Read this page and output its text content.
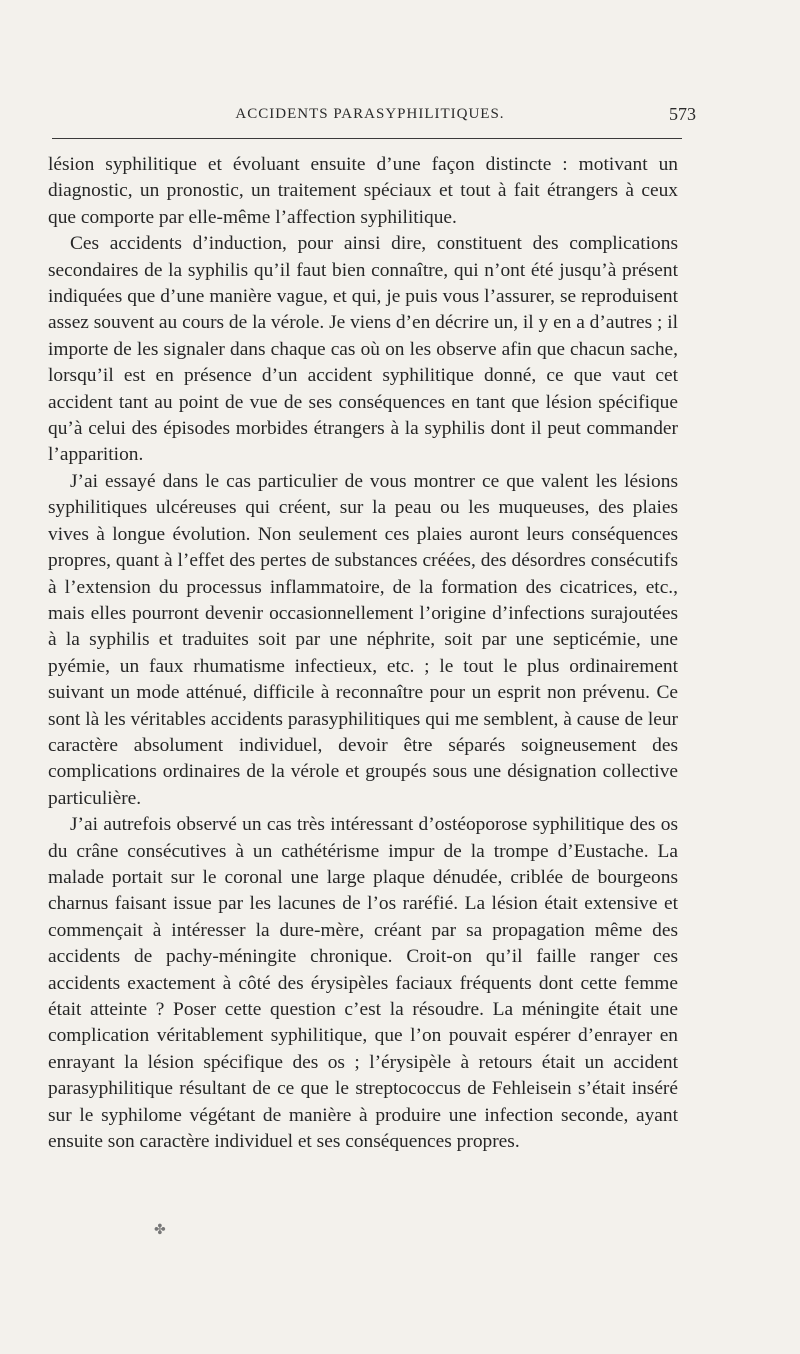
ACCIDENTS PARASYPHILITIQUES.	573

lésion syphilitique et évoluant ensuite d’une façon distincte : motivant un diagnostic, un pronostic, un traitement spéciaux et tout à fait étrangers à ceux que comporte par elle-même l’affection syphilitique.

Ces accidents d’induction, pour ainsi dire, constituent des complications secondaires de la syphilis qu’il faut bien connaître, qui n’ont été jusqu’à présent indiquées que d’une manière vague, et qui, je puis vous l’assurer, se reproduisent assez souvent au cours de la vérole. Je viens d’en décrire un, il y en a d’autres ; il importe de les signaler dans chaque cas où on les observe afin que chacun sache, lorsqu’il est en présence d’un accident syphilitique donné, ce que vaut cet accident tant au point de vue de ses conséquences en tant que lésion spécifique qu’à celui des épisodes morbides étrangers à la syphilis dont il peut commander l’apparition.

J’ai essayé dans le cas particulier de vous montrer ce que valent les lésions syphilitiques ulcéreuses qui créent, sur la peau ou les muqueuses, des plaies vives à longue évolution. Non seulement ces plaies auront leurs conséquences propres, quant à l’effet des pertes de substances créées, des désordres consécutifs à l’extension du processus inflammatoire, de la formation des cicatrices, etc., mais elles pourront devenir occasionnellement l’origine d’infections surajoutées à la syphilis et traduites soit par une néphrite, soit par une septicémie, une pyémie, un faux rhumatisme infectieux, etc. ; le tout le plus ordinairement suivant un mode atténué, difficile à reconnaître pour un esprit non prévenu. Ce sont là les véritables accidents parasyphilitiques qui me semblent, à cause de leur caractère absolument individuel, devoir être séparés soigneusement des complications ordinaires de la vérole et groupés sous une désignation collective particulière.

J’ai autrefois observé un cas très intéressant d’ostéoporose syphilitique des os du crâne consécutives à un cathétérisme impur de la trompe d’Eustache. La malade portait sur le coronal une large plaque dénudée, criblée de bourgeons charnus faisant issue par les lacunes de l’os raréfié. La lésion était extensive et commençait à intéresser la dure-mère, créant par sa propagation même des accidents de pachy-méningite chronique. Croit-on qu’il faille ranger ces accidents exactement à côté des érysipèles faciaux fréquents dont cette femme était atteinte ? Poser cette question c’est la résoudre. La méningite était une complication véritablement syphilitique, que l’on pouvait espérer d’enrayer en enrayant la lésion spécifique des os ; l’érysipèle à retours était un accident parasyphilitique résultant de ce que le streptococcus de Fehleisein s’était inséré sur le syphilome végétant de manière à produire une infection seconde, ayant ensuite son caractère individuel et ses conséquences propres.

✤
